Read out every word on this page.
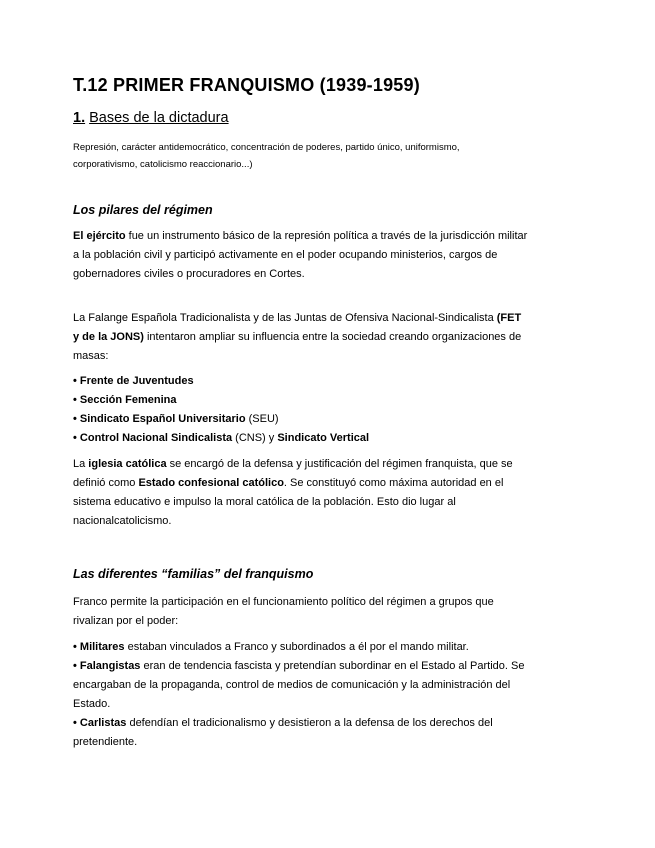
T.12 PRIMER FRANQUISMO (1939-1959)
1. Bases de la dictadura
Represión, carácter antidemocrático, concentración de poderes, partido único, uniformismo, corporativismo, catolicismo reaccionario...)
Los pilares del régimen

El ejército fue un instrumento básico de la represión política a través de la jurisdicción militar a la población civil y participó activamente en el poder ocupando ministerios, cargos de gobernadores civiles o procuradores en Cortes.

La Falange Española Tradicionalista y de las Juntas de Ofensiva Nacional-Sindicalista (FET y de la JONS) intentaron ampliar su influencia entre la sociedad creando organizaciones de masas:

• Frente de Juventudes
• Sección Femenina
• Sindicato Español Universitario (SEU)
• Control Nacional Sindicalista (CNS) y Sindicato Vertical

La iglesia católica se encargó de la defensa y justificación del régimen franquista, que se definió como Estado confesional católico. Se constituyó como máxima autoridad en el sistema educativo e impulso la moral católica de la población. Esto dio lugar al nacionalcatolicismo.

Las diferentes “familias” del franquismo

Franco permite la participación en el funcionamiento político del régimen a grupos que rivalizan por el poder:

• Militares estaban vinculados a Franco y subordinados a él por el mando militar.
• Falangistas eran de tendencia fascista y pretendían subordinar en el Estado al Partido. Se encargaban de la propaganda, control de medios de comunicación y la administración del Estado.
• Carlistas defendían el tradicionalismo y desistieron a la defensa de los derechos del pretendiente.
